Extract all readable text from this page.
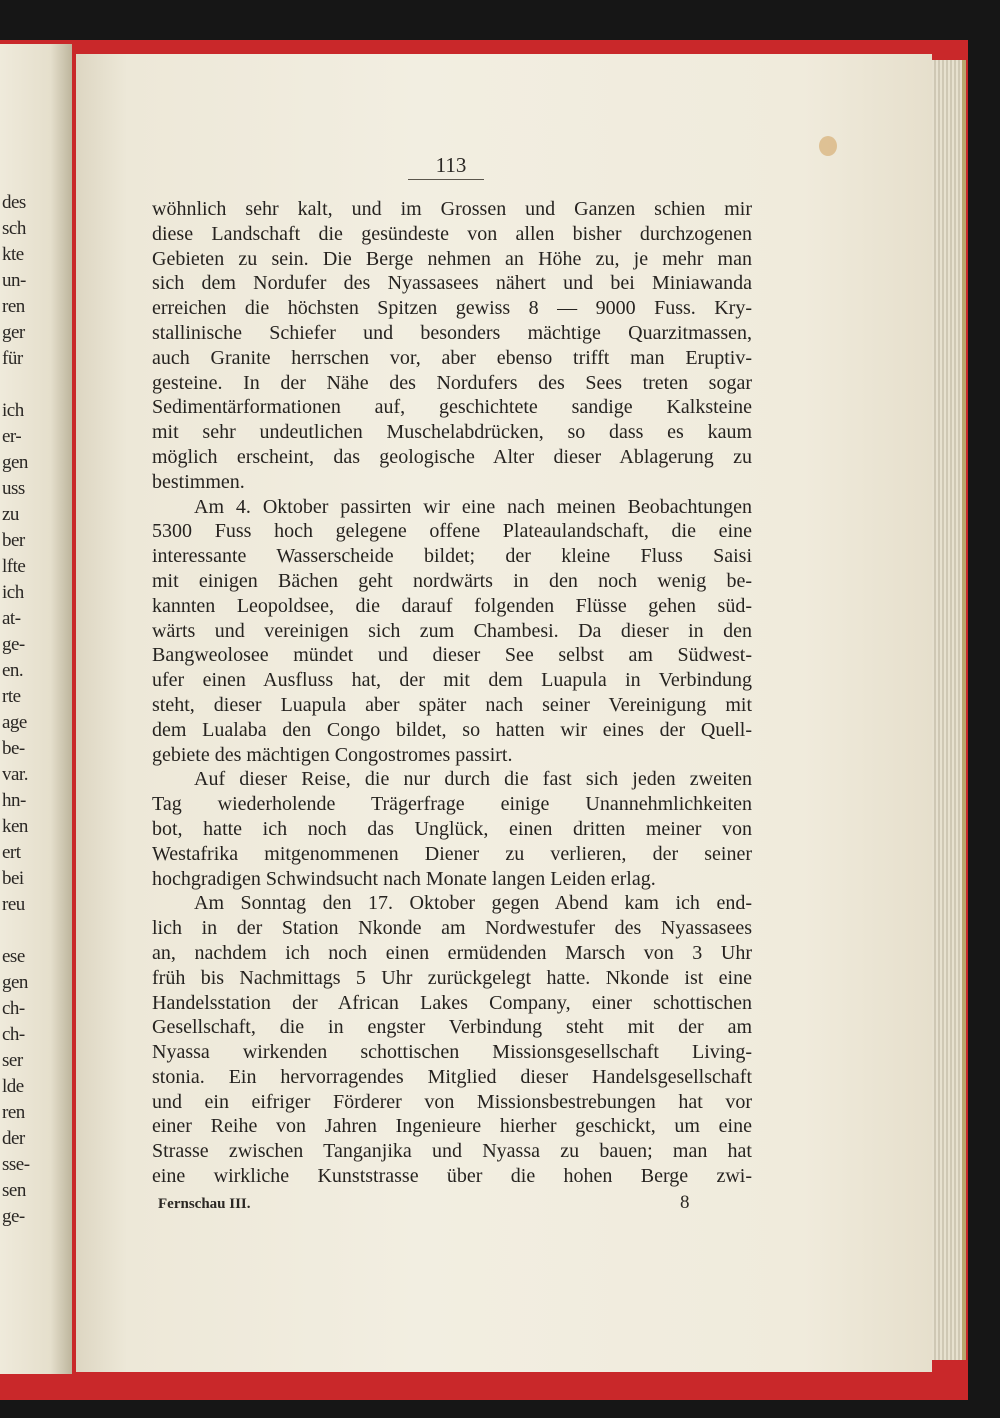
des
sch
kte
un-
ren
ger
für
ich
er-
gen
uss
zu
ber
lfte
ich
at-
ge-
en.
rte
age
be-
var.
hn-
ken
ert
bei
reu
ese
gen
ch-
ch-
ser
lde
ren
der
sse-
sen
ge-
113
wöhnlich sehr kalt, und im Grossen und Ganzen schien mir
diese Landschaft die gesündeste von allen bisher durchzogenen
Gebieten zu sein. Die Berge nehmen an Höhe zu, je mehr man
sich dem Nordufer des Nyassasees nähert und bei Miniawanda
erreichen die höchsten Spitzen gewiss 8 — 9000 Fuss. Kry-
stallinische Schiefer und besonders mächtige Quarzitmassen,
auch Granite herrschen vor, aber ebenso trifft man Eruptiv-
gesteine. In der Nähe des Nordufers des Sees treten sogar
Sedimentärformationen auf, geschichtete sandige Kalksteine
mit sehr undeutlichen Muschelabdrücken, so dass es kaum
möglich erscheint, das geologische Alter dieser Ablagerung zu
bestimmen.
Am 4. Oktober passirten wir eine nach meinen Beobachtungen
5300 Fuss hoch gelegene offene Plateaulandschaft, die eine
interessante Wasserscheide bildet; der kleine Fluss Saisi
mit einigen Bächen geht nordwärts in den noch wenig be-
kannten Leopoldsee, die darauf folgenden Flüsse gehen süd-
wärts und vereinigen sich zum Chambesi. Da dieser in den
Bangweolosee mündet und dieser See selbst am Südwest-
ufer einen Ausfluss hat, der mit dem Luapula in Verbindung
steht, dieser Luapula aber später nach seiner Vereinigung mit
dem Lualaba den Congo bildet, so hatten wir eines der Quell-
gebiete des mächtigen Congostromes passirt.
Auf dieser Reise, die nur durch die fast sich jeden zweiten
Tag wiederholende Trägerfrage einige Unannehmlichkeiten
bot, hatte ich noch das Unglück, einen dritten meiner von
Westafrika mitgenommenen Diener zu verlieren, der seiner
hochgradigen Schwindsucht nach Monate langen Leiden erlag.
Am Sonntag den 17. Oktober gegen Abend kam ich end-
lich in der Station Nkonde am Nordwestufer des Nyassasees
an, nachdem ich noch einen ermüdenden Marsch von 3 Uhr
früh bis Nachmittags 5 Uhr zurückgelegt hatte. Nkonde ist eine
Handelsstation der African Lakes Company, einer schottischen
Gesellschaft, die in engster Verbindung steht mit der am
Nyassa wirkenden schottischen Missionsgesellschaft Living-
stonia. Ein hervorragendes Mitglied dieser Handelsgesellschaft
und ein eifriger Förderer von Missionsbestrebungen hat vor
einer Reihe von Jahren Ingenieure hierher geschickt, um eine
Strasse zwischen Tanganjika und Nyassa zu bauen; man hat
eine wirkliche Kunststrasse über die hohen Berge zwi-
Fernschau III.	8
